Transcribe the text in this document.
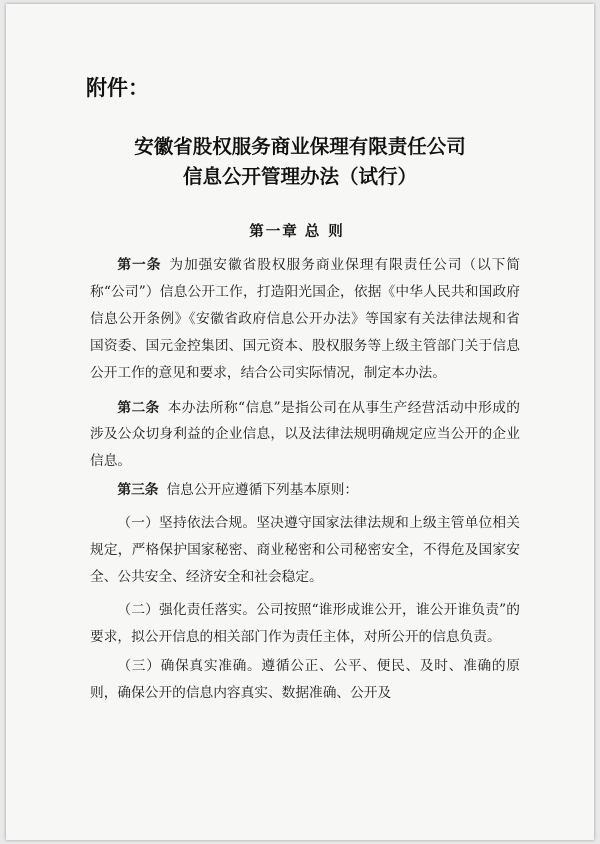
附件：
安徽省股权服务商业保理有限责任公司
信息公开管理办法（试行）
第一章 总 则

第一条 为加强安徽省股权服务商业保理有限责任公司（以下简称“公司”）信息公开工作，打造阳光国企，依据《中华人民共和国政府信息公开条例》《安徽省政府信息公开办法》等国家有关法律法规和省国资委、国元金控集团、国元资本、股权服务等上级主管部门关于信息公开工作的意见和要求，结合公司实际情况，制定本办法。

第二条 本办法所称“信息”是指公司在从事生产经营活动中形成的涉及公众切身利益的企业信息，以及法律法规明确规定应当公开的企业信息。

第三条 信息公开应遵循下列基本原则：

（一）坚持依法合规。坚决遵守国家法律法规和上级主管单位相关规定，严格保护国家秘密、商业秘密和公司秘密安全，不得危及国家安全、公共安全、经济安全和社会稳定。

（二）强化责任落实。公司按照“谁形成谁公开，谁公开谁负责”的要求，拟公开信息的相关部门作为责任主体，对所公开的信息负责。

（三）确保真实准确。遵循公正、公平、便民、及时、准确的原则，确保公开的信息内容真实、数据准确、公开及
